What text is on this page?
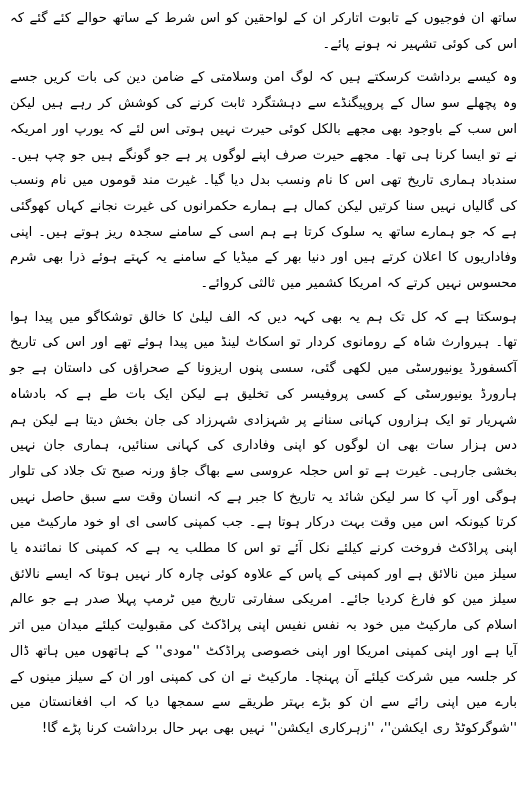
ساتھ ان فوجیوں کے تابوت اتارکر ان کے لواحقین کو اس شرط کے ساتھ حوالے کئے گئے کہ اس کی کوئی تشہیر نہ ہونے پائے۔

وہ کیسے برداشت کرسکتے ہیں کہ لوگ امن وسلامتی کے ضامن دین کی بات کریں جسے وہ پچھلے سو سال کے پروپیگنڈے سے دہشتگرد ثابت کرنے کی کوشش کر رہے ہیں لیکن اس سب کے باوجود بھی مجھے بالکل کوئی حیرت نہیں ہوتی اس لئے کہ یورپ اور امریکہ نے تو ایسا کرنا ہی تھا۔ مجھے حیرت صرف اپنے لوگوں پر ہے جو گونگے ہیں جو چپ ہیں۔ سندباد ہماری تاریخ تھی اس کا نام ونسب بدل دیا گیا۔ غیرت مند قوموں میں نام ونسب کی گالیاں نہیں سنا کرتیں لیکن کمال ہے ہمارے حکمرانوں کی غیرت نجانے کہاں کھوگئی ہے کہ جو ہمارے ساتھ یہ سلوک کرتا ہے ہم اسی کے سامنے سجدہ ریز ہوتے ہیں۔ اپنی وفاداریوں کا اعلان کرتے ہیں اور دنیا بھر کے میڈیا کے سامنے یہ کہتے ہوئے ذرا بھی شرم محسوس نہیں کرتے کہ امریکا کشمیر میں ثالثی کروائے۔

ہوسکتا ہے کہ کل تک ہم یہ بھی کہہ دیں کہ الف لیلیٰ کا خالق توشکاگو میں پیدا ہوا تھا۔ ہیروارث شاہ کے رومانوی کردار تو اسکاٹ لینڈ میں پیدا ہوئے تھے اور اس کی تاریخ آکسفورڈ یونیورسٹی میں لکھی گئی، سسی پنوں اریزونا کے صحراؤں کی داستان ہے جو ہارورڈ یونیورسٹی کے کسی پروفیسر کی تخلیق ہے لیکن ایک بات طے ہے کہ بادشاہ شہریار تو ایک ہزاروں کہانی سنانے پر شہزادی شہرزاد کی جان بخش دیتا ہے لیکن ہم دس ہزار سات بھی ان لوگوں کو اپنی وفاداری کی کہانی سنائیں، ہماری جان نہیں بخشی جارہی۔ غیرت ہے تو اس حجلہ عروسی سے بھاگ جاؤ ورنہ صبح تک جلاد کی تلوار ہوگی اور آپ کا سر لیکن شائد یہ تاریخ کا جبر ہے کہ انسان وقت سے سبق حاصل نہیں کرتا کیونکہ اس میں وقت بہت درکار ہوتا ہے۔ جب کمپنی کاسی ای او خود مارکیٹ میں اپنی پراڈکٹ فروخت کرنے کیلئے نکل آئے تو اس کا مطلب یہ ہے کہ کمپنی کا نمائندہ یا سیلز مین نالائق ہے اور کمپنی کے پاس کے علاوہ کوئی چارہ کار نہیں ہوتا کہ ایسے نالائق سیلز مین کو فارغ کردیا جائے۔ امریکی سفارتی تاریخ میں ٹرمپ پہلا صدر ہے جو عالم اسلام کی مارکیٹ میں خود بہ نفس نفیس اپنی پراڈکٹ کی مقبولیت کیلئے میدان میں اتر آیا ہے اور اپنی کمپنی امریکا اور اپنی خصوصی پراڈکٹ ''مودی'' کے ہاتھوں میں ہاتھ ڈال کر جلسہ میں شرکت کیلئے آن پہنچا۔ مارکیٹ نے ان کی کمپنی اور ان کے سیلز مینوں کے بارے میں اپنی رائے سے ان کو بڑے بہتر طریقے سے سمجھا دیا کہ اب افغانستان میں ''شوگرکوٹڈ ری ایکشن''، ''زہرکاری ایکشن'' نہیں بھی بہر حال برداشت کرنا پڑے گا!
